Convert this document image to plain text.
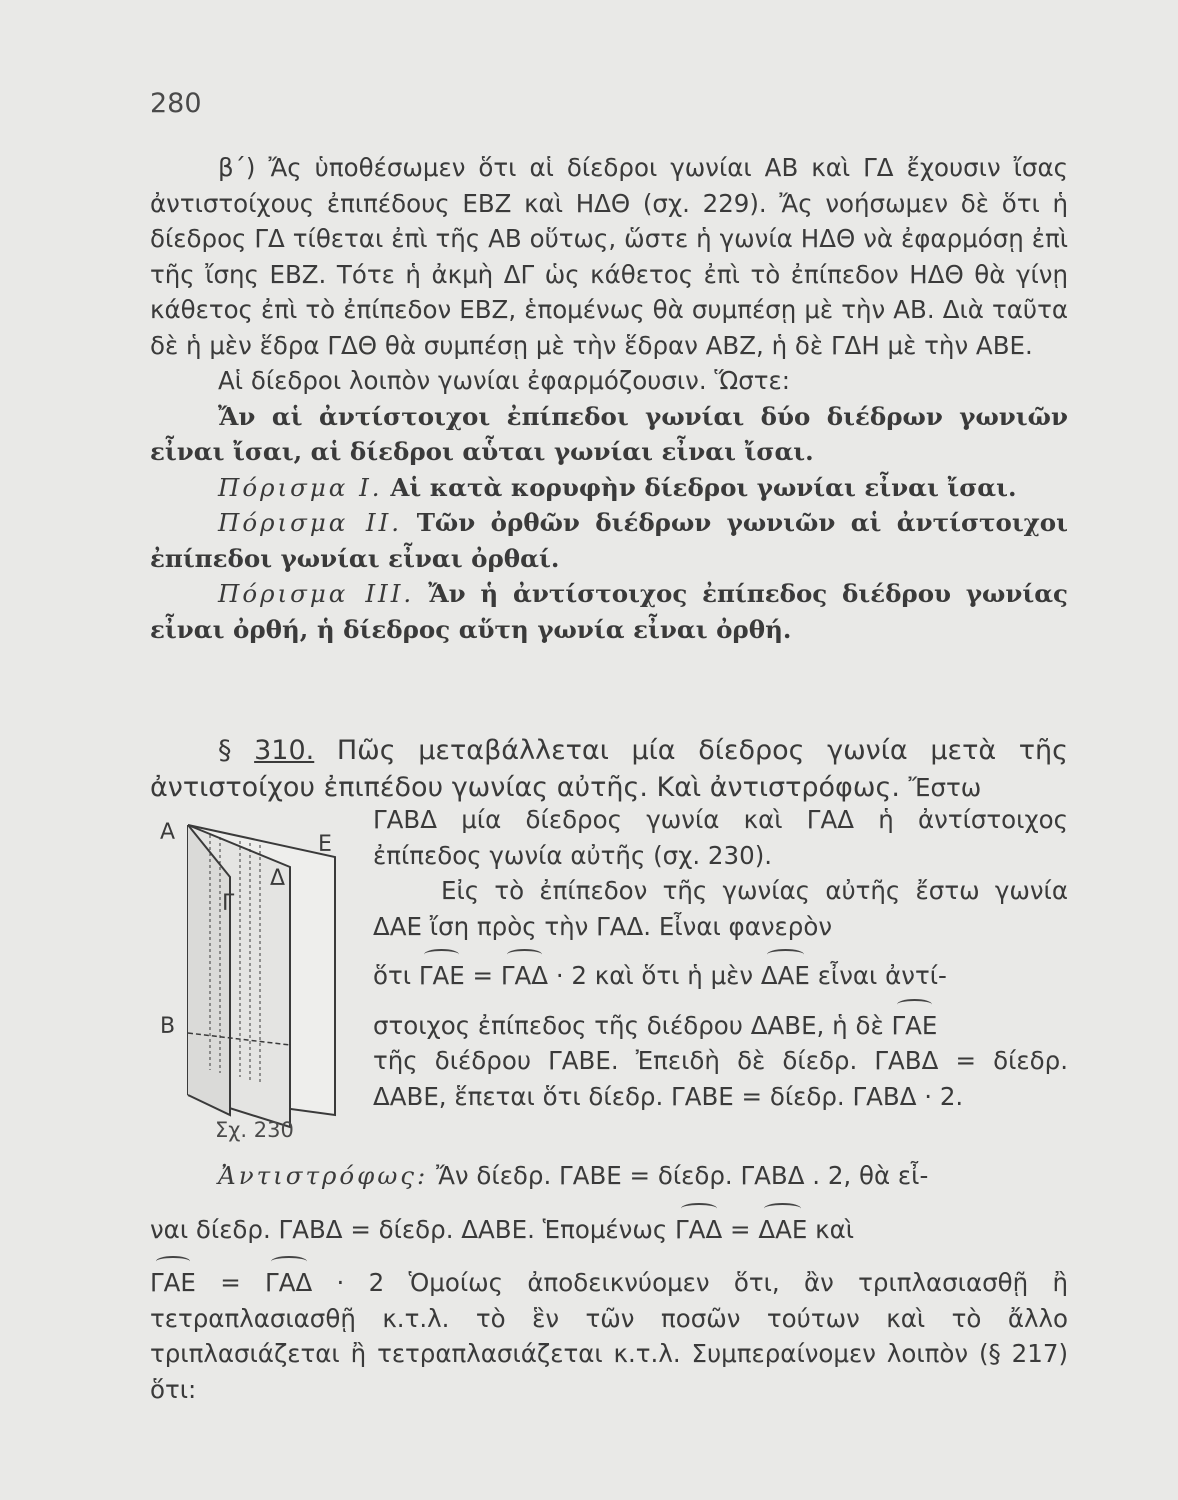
280

β΄) Ἄς ὑποθέσωμεν ὅτι αἱ δίεδροι γωνίαι ΑΒ καὶ ΓΔ ἔχουσιν ἴσας ἀντιστοίχους ἐπιπέδους ΕΒΖ καὶ ΗΔΘ (σχ. 229). Ἄς νοήσωμεν δὲ ὅτι ἡ δίεδρος ΓΔ τίθεται ἐπὶ τῆς ΑΒ οὕτως, ὥστε ἡ γωνία ΗΔΘ νὰ ἐφαρμόσῃ ἐπὶ τῆς ἴσης ΕΒΖ. Τότε ἡ ἀκμὴ ΔΓ ὡς κάθετος ἐπὶ τὸ ἐπίπεδον ΗΔΘ θὰ γίνῃ κάθετος ἐπὶ τὸ ἐπίπεδον ΕΒΖ, ἑπομένως θὰ συμπέσῃ μὲ τὴν ΑΒ. Διὰ ταῦτα δὲ ἡ μὲν ἕδρα ΓΔΘ θὰ συμπέσῃ μὲ τὴν ἕδραν ΑΒΖ, ἡ δὲ ΓΔΗ μὲ τὴν ΑΒΕ.

Αἱ δίεδροι λοιπὸν γωνίαι ἐφαρμόζουσιν. Ὥστε:

Ἄν αἱ ἀντίστοιχοι ἐπίπεδοι γωνίαι δύο διέδρων γωνιῶν εἶναι ἴσαι, αἱ δίεδροι αὗται γωνίαι εἶναι ἴσαι.

Πόρισμα I. Αἱ κατὰ κορυφὴν δίεδροι γωνίαι εἶναι ἴσαι.

Πόρισμα II. Τῶν ὀρθῶν διέδρων γωνιῶν αἱ ἀντίστοιχοι ἐπίπεδοι γωνίαι εἶναι ὀρθαί.

Πόρισμα III. Ἄν ἡ ἀντίστοιχος ἐπίπεδος διέδρου γωνίας εἶναι ὀρθή, ἡ δίεδρος αὕτη γωνία εἶναι ὀρθή.

§ 310. Πῶς μεταβάλλεται μία δίεδρος γωνία μετὰ τῆς ἀντιστοίχου ἐπιπέδου γωνίας αὐτῆς. Καὶ ἀντιστρόφως. Ἔστω

Α	Ε
Δ
Γ
Β
Σχ. 230

ΓΑΒΔ μία δίεδρος γωνία καὶ ΓΑΔ ἡ ἀντίστοιχος ἐπίπεδος γωνία αὐτῆς (σχ. 230).

Εἰς τὸ ἐπίπεδον τῆς γωνίας αὐτῆς ἔστω γωνία ΔΑΕ ἴση πρὸς τὴν ΓΑΔ. Εἶναι φανερὸν

ὅτι ΓΑΕ = ΓΑΔ · 2 καὶ ὅτι ἡ μὲν ΔΑΕ εἶναι ἀντί-

στοιχος ἐπίπεδος τῆς διέδρου ΔΑΒΕ, ἡ δὲ ΓΑΕ

τῆς διέδρου ΓΑΒΕ. Ἐπειδὴ δὲ δίεδρ. ΓΑΒΔ = δίεδρ. ΔΑΒΕ, ἕπεται ὅτι δίεδρ. ΓΑΒΕ = δίεδρ. ΓΑΒΔ · 2.

Ἀντιστρόφως: Ἄν δίεδρ. ΓΑΒΕ = δίεδρ. ΓΑΒΔ . 2, θὰ εἶ-

ναι δίεδρ. ΓΑΒΔ = δίεδρ. ΔΑΒΕ. Ἑπομένως ΓΑΔ = ΔΑΕ καὶ

ΓΑΕ = ΓΑΔ · 2 Ὁμοίως ἀποδεικνύομεν ὅτι, ἂν τριπλασιασθῇ ἢ τετραπλασιασθῇ κ.τ.λ. τὸ ἓν τῶν ποσῶν τούτων καὶ τὸ ἄλλο τριπλασιάζεται ἢ τετραπλασιάζεται κ.τ.λ. Συμπεραίνομεν λοιπὸν (§ 217) ὅτι:
